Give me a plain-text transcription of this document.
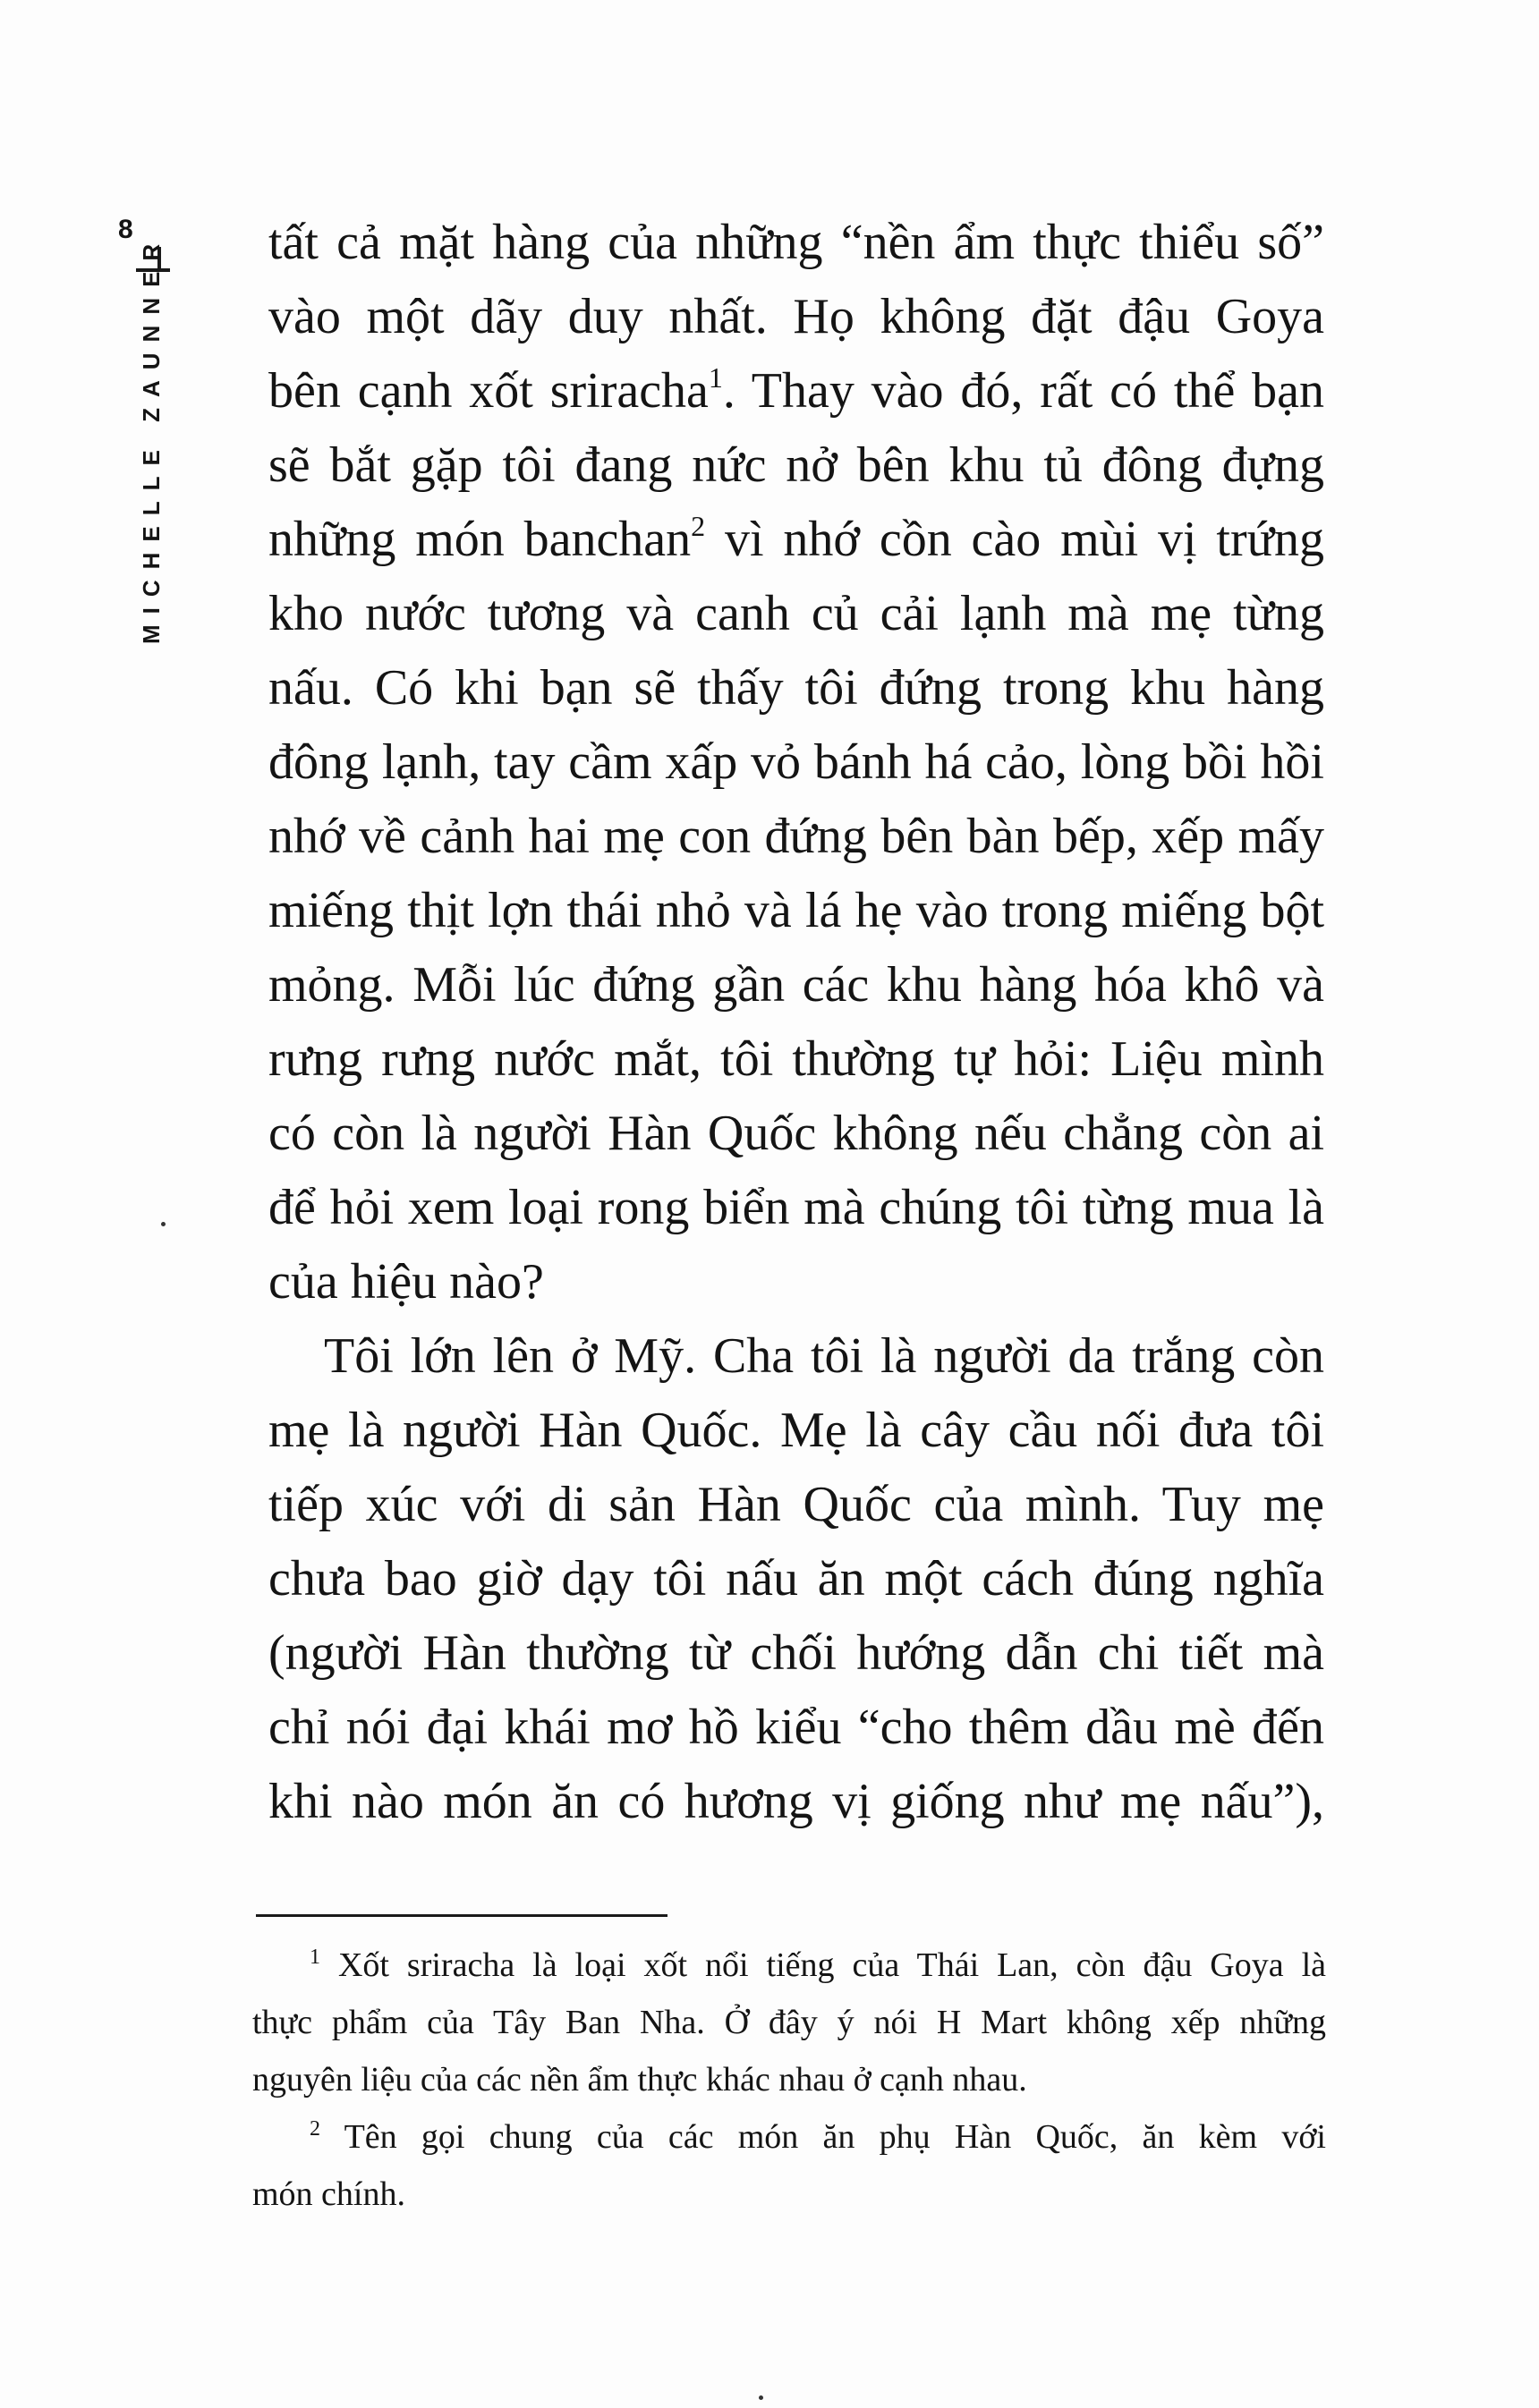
8
MICHELLE ZAUNNER tất cả mặt hàng của những “nền ẩm thực thiểu số”
vào một dãy duy nhất. Họ không đặt đậu Goya
bên cạnh xốt sriracha$^1$. Thay vào đó, rất có thể bạn
sẽ bắt gặp tôi đang nức nở bên khu tủ đông đựng
những món banchan$^2$ vì nhớ cồn cào mùi vị trứng
kho nước tương và canh củ cải lạnh mà mẹ từng
nấu. Có khi bạn sẽ thấy tôi đứng trong khu hàng
đông lạnh, tay cầm xấp vỏ bánh há cảo, lòng bồi hồi
nhớ về cảnh hai mẹ con đứng bên bàn bếp, xếp mấy
miếng thịt lợn thái nhỏ và lá hẹ vào trong miếng bột
mỏng. Mỗi lúc đứng gần các khu hàng hóa khô và
rưng rưng nước mắt, tôi thường tự hỏi: Liệu mình
có còn là người Hàn Quốc không nếu chẳng còn ai
để hỏi xem loại rong biển mà chúng tôi từng mua là
của hiệu nào?
Tôi lớn lên ở Mỹ. Cha tôi là người da trắng còn
mẹ là người Hàn Quốc. Mẹ là cây cầu nối đưa tôi
tiếp xúc với di sản Hàn Quốc của mình. Tuy mẹ
chưa bao giờ dạy tôi nấu ăn một cách đúng nghĩa
(người Hàn thường từ chối hướng dẫn chi tiết mà
chỉ nói đại khái mơ hồ kiểu “cho thêm dầu mè đến
khi nào món ăn có hương vị giống như mẹ nấu”),
$^1$ Xốt sriracha là loại xốt nổi tiếng của Thái Lan, còn đậu Goya là
thực phẩm của Tây Ban Nha. Ở đây ý nói H Mart không xếp những
nguyên liệu của các nền ẩm thực khác nhau ở cạnh nhau.
$^2$ Tên gọi chung của các món ăn phụ Hàn Quốc, ăn kèm với
món chính.
